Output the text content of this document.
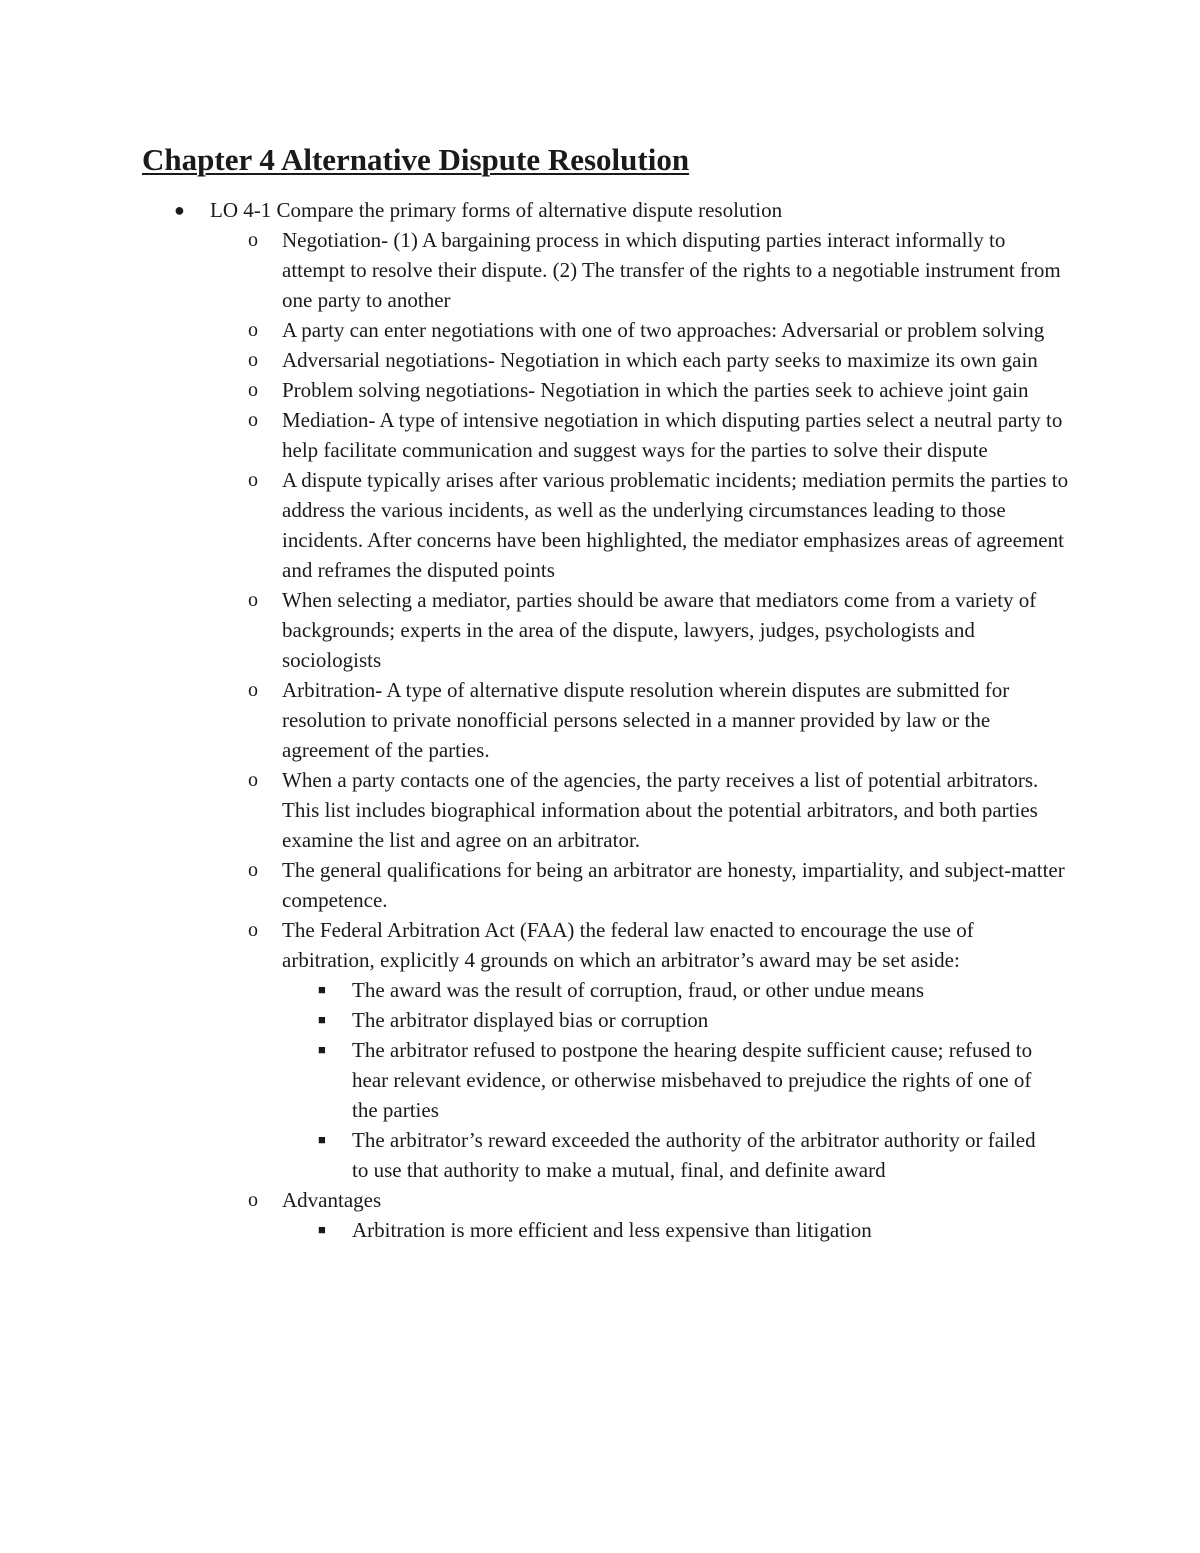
Chapter 4 Alternative Dispute Resolution
● LO 4-1 Compare the primary forms of alternative dispute resolution
o Negotiation- (1) A bargaining process in which disputing parties interact informally to attempt to resolve their dispute. (2) The transfer of the rights to a negotiable instrument from one party to another
o A party can enter negotiations with one of two approaches: Adversarial or problem solving
o Adversarial negotiations- Negotiation in which each party seeks to maximize its own gain
o Problem solving negotiations- Negotiation in which the parties seek to achieve joint gain
o Mediation- A type of intensive negotiation in which disputing parties select a neutral party to help facilitate communication and suggest ways for the parties to solve their dispute
o A dispute typically arises after various problematic incidents; mediation permits the parties to address the various incidents, as well as the underlying circumstances leading to those incidents. After concerns have been highlighted, the mediator emphasizes areas of agreement and reframes the disputed points
o When selecting a mediator, parties should be aware that mediators come from a variety of backgrounds; experts in the area of the dispute, lawyers, judges, psychologists and sociologists
o Arbitration- A type of alternative dispute resolution wherein disputes are submitted for resolution to private nonofficial persons selected in a manner provided by law or the agreement of the parties.
o When a party contacts one of the agencies, the party receives a list of potential arbitrators. This list includes biographical information about the potential arbitrators, and both parties examine the list and agree on an arbitrator.
o The general qualifications for being an arbitrator are honesty, impartiality, and subject-matter competence.
o The Federal Arbitration Act (FAA) the federal law enacted to encourage the use of arbitration, explicitly 4 grounds on which an arbitrator’s award may be set aside:
■ The award was the result of corruption, fraud, or other undue means
■ The arbitrator displayed bias or corruption
■ The arbitrator refused to postpone the hearing despite sufficient cause; refused to hear relevant evidence, or otherwise misbehaved to prejudice the rights of one of the parties
■ The arbitrator’s reward exceeded the authority of the arbitrator authority or failed to use that authority to make a mutual, final, and definite award
o Advantages
■ Arbitration is more efficient and less expensive than litigation
